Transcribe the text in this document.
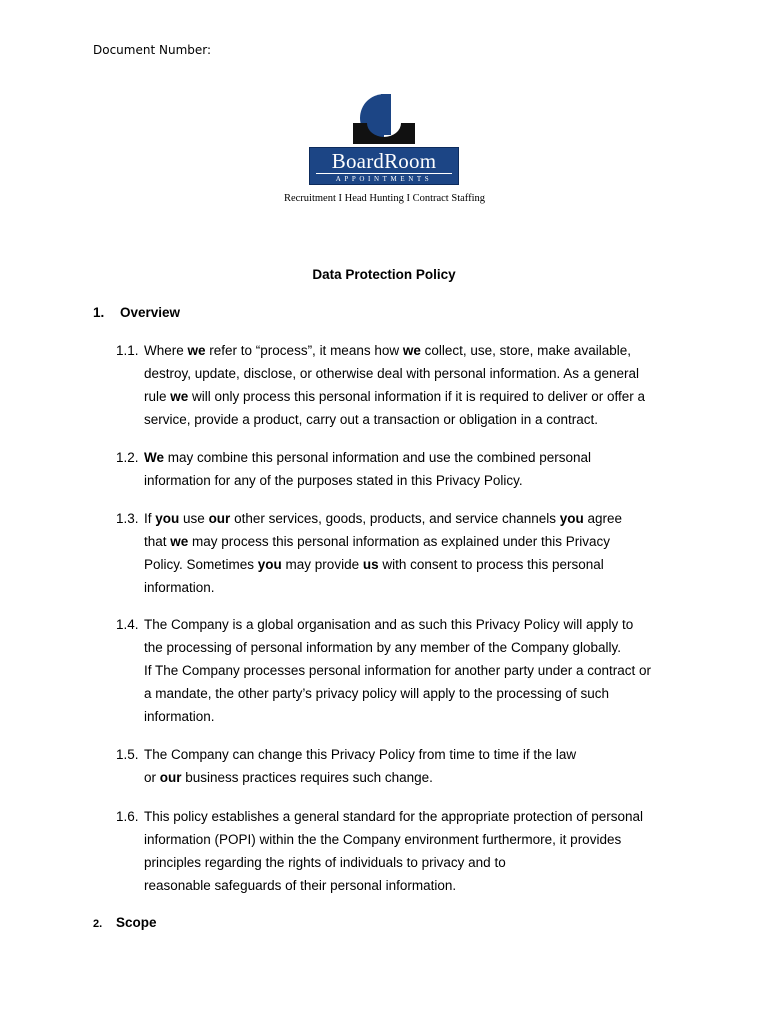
Document Number:
BoardRoom
APPOINTMENTS
Recruitment I Head Hunting I Contract Staffing
Data Protection Policy
1. Overview
1.1. Where we refer to “process”, it means how we collect, use, store, make available,
destroy, update, disclose, or otherwise deal with personal information. As a general
rule we will only process this personal information if it is required to deliver or offer a
service, provide a product, carry out a transaction or obligation in a contract.
1.2. We may combine this personal information and use the combined personal
information for any of the purposes stated in this Privacy Policy.
1.3. If you use our other services, goods, products, and service channels you agree
that we may process this personal information as explained under this Privacy
Policy. Sometimes you may provide us with consent to process this personal
information.
1.4. The Company is a global organisation and as such this Privacy Policy will apply to
the processing of personal information by any member of the Company globally.
If The Company processes personal information for another party under a contract or
a mandate, the other party’s privacy policy will apply to the processing of such
information.
1.5. The Company can change this Privacy Policy from time to time if the law
or our business practices requires such change.
1.6. This policy establishes a general standard for the appropriate protection of personal
information (POPI) within the the Company environment furthermore, it provides
principles regarding the rights of individuals to privacy and to
reasonable safeguards of their personal information.
2. Scope
